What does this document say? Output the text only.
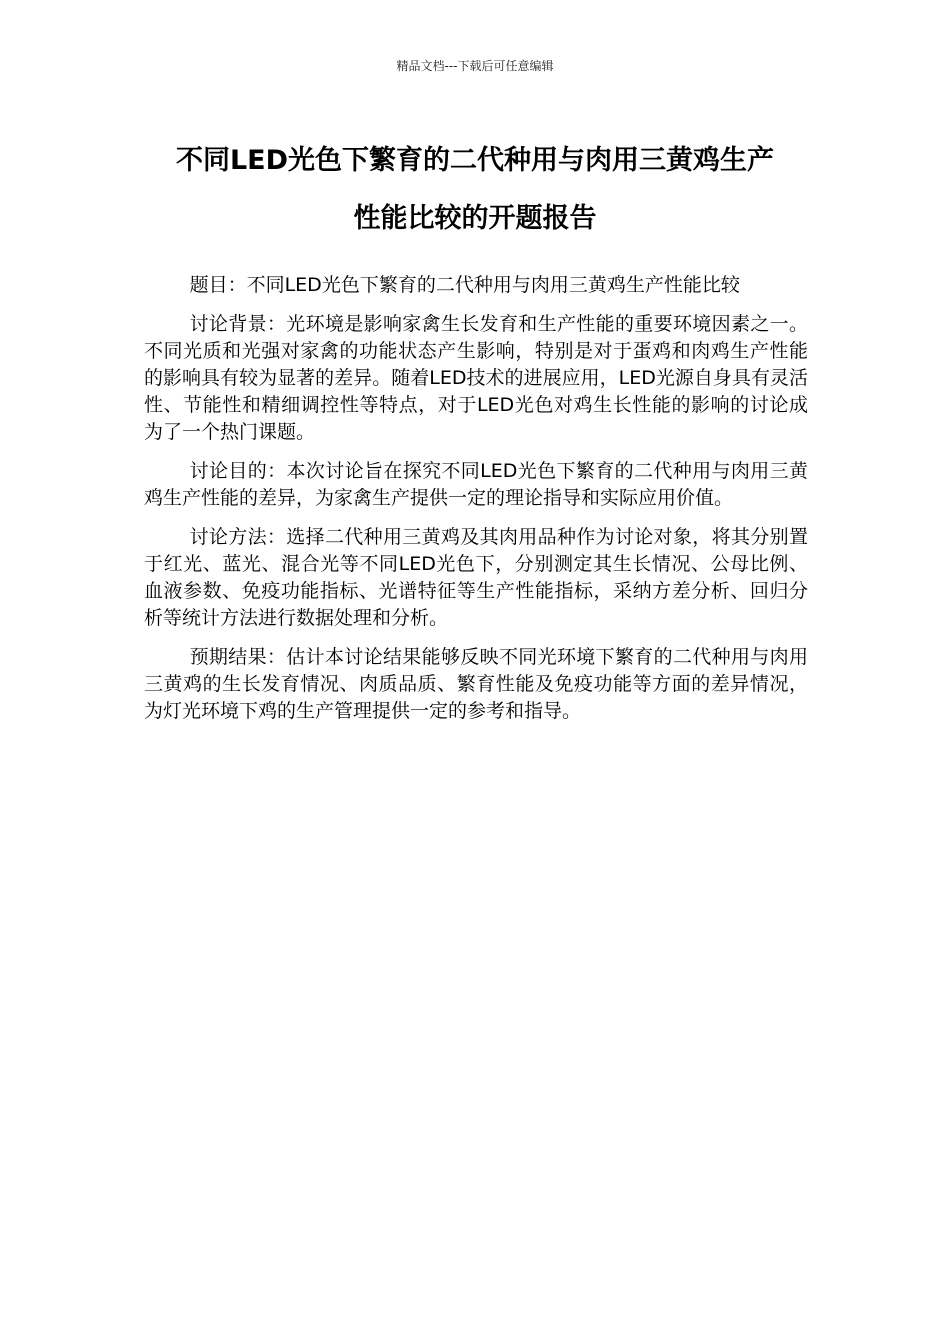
精品文档---下载后可任意编辑
不同LED光色下繁育的二代种用与肉用三黄鸡生产
性能比较的开题报告

题目：不同LED光色下繁育的二代种用与肉用三黄鸡生产性能比较

讨论背景：光环境是影响家禽生长发育和生产性能的重要环境因素之一。不同光质和光强对家禽的功能状态产生影响，特别是对于蛋鸡和肉鸡生产性能的影响具有较为显著的差异。随着LED技术的进展应用，LED光源自身具有灵活性、节能性和精细调控性等特点，对于LED光色对鸡生长性能的影响的讨论成为了一个热门课题。

讨论目的：本次讨论旨在探究不同LED光色下繁育的二代种用与肉用三黄鸡生产性能的差异，为家禽生产提供一定的理论指导和实际应用价值。

讨论方法：选择二代种用三黄鸡及其肉用品种作为讨论对象，将其分别置于红光、蓝光、混合光等不同LED光色下，分别测定其生长情况、公母比例、血液参数、免疫功能指标、光谱特征等生产性能指标，采纳方差分析、回归分析等统计方法进行数据处理和分析。

预期结果：估计本讨论结果能够反映不同光环境下繁育的二代种用与肉用三黄鸡的生长发育情况、肉质品质、繁育性能及免疫功能等方面的差异情况，为灯光环境下鸡的生产管理提供一定的参考和指导。
